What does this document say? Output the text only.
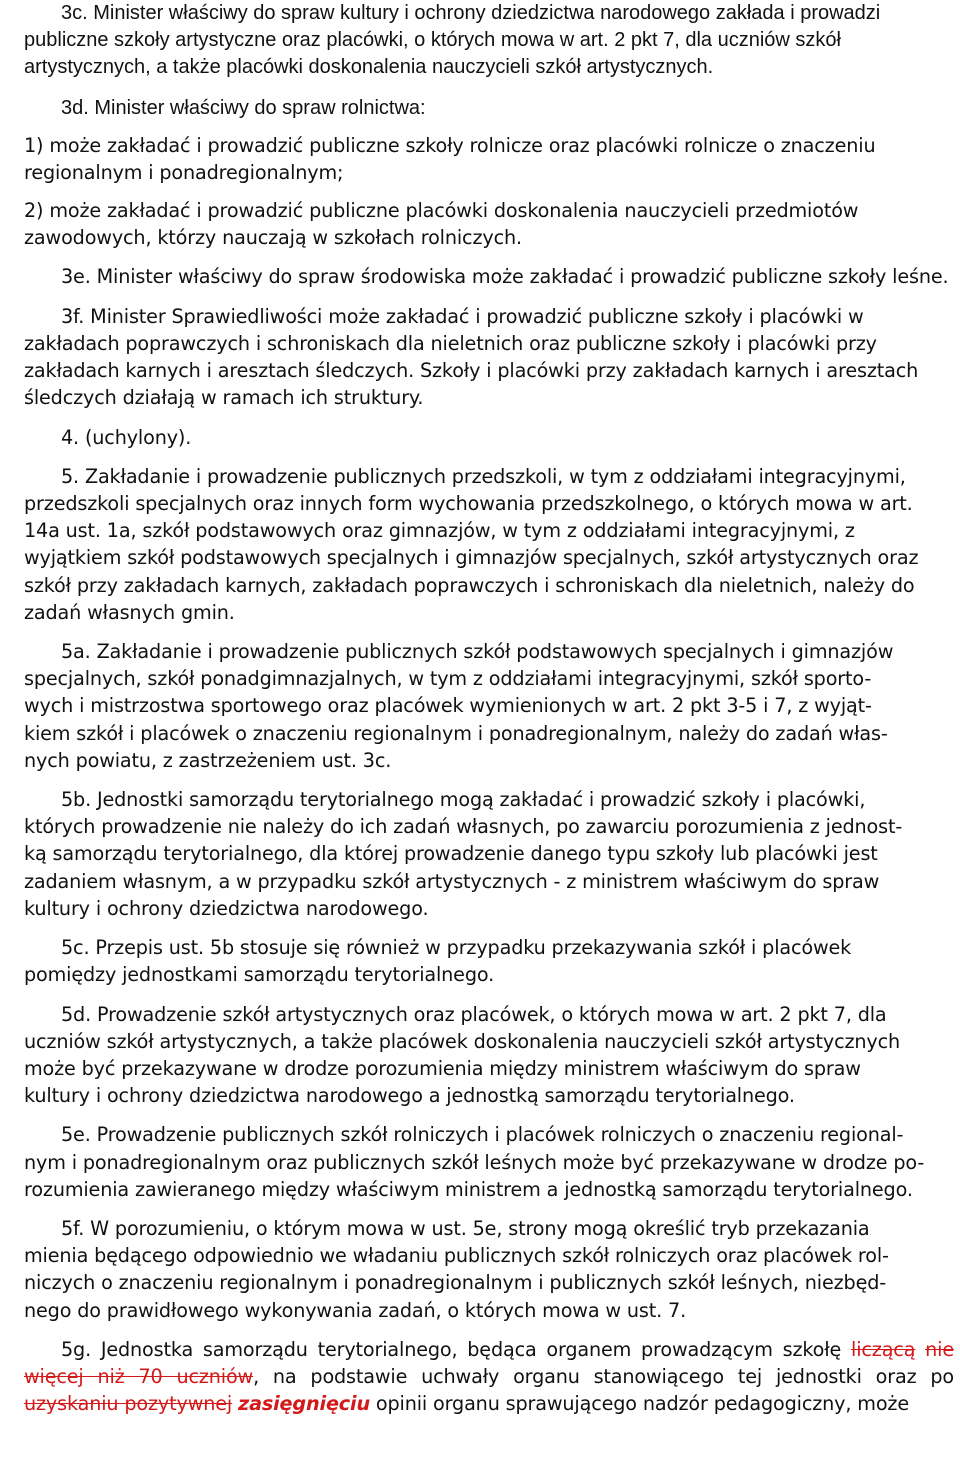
3c. Minister właściwy do spraw kultury i ochrony dziedzictwa narodowego zakłada i prowadzi publiczne szkoły artystyczne oraz placówki, o których mowa w art. 2 pkt 7, dla uczniów szkół artystycznych, a także placówki doskonalenia nauczycieli szkół artystycznych.

3d. Minister właściwy do spraw rolnictwa:

1) może zakładać i prowadzić publiczne szkoły rolnicze oraz placówki rolnicze o znaczeniu regionalnym i ponadregionalnym;

2) może zakładać i prowadzić publiczne placówki doskonalenia nauczycieli przedmiotów zawodowych, którzy nauczają w szkołach rolniczych.

3e. Minister właściwy do spraw środowiska może zakładać i prowadzić publiczne szkoły leśne.

3f. Minister Sprawiedliwości może zakładać i prowadzić publiczne szkoły i placówki w zakładach poprawczych i schroniskach dla nieletnich oraz publiczne szkoły i placówki przy zakładach karnych i aresztach śledczych. Szkoły i placówki przy zakładach karnych i aresztach śledczych działają w ramach ich struktury.

4. (uchylony).

5. Zakładanie i prowadzenie publicznych przedszkoli, w tym z oddziałami integracyjnymi, przedszkoli specjalnych oraz innych form wychowania przedszkolnego, o których mowa w art. 14a ust. 1a, szkół podstawowych oraz gimnazjów, w tym z oddziałami integracyjnymi, z wyjątkiem szkół podstawowych specjalnych i gimnazjów specjalnych, szkół artystycznych oraz szkół przy zakładach karnych, zakładach poprawczych i schroniskach dla nieletnich, należy do zadań własnych gmin.

5a. Zakładanie i prowadzenie publicznych szkół podstawowych specjalnych i gimnazjów
specjalnych, szkół ponadgimnazjalnych, w tym z oddziałami integracyjnymi, szkół sporto-
wych i mistrzostwa sportowego oraz placówek wymienionych w art. 2 pkt 3-5 i 7, z wyjąt-
kiem szkół i placówek o znaczeniu regionalnym i ponadregionalnym, należy do zadań włas-
nych powiatu, z zastrzeżeniem ust. 3c.

5b. Jednostki samorządu terytorialnego mogą zakładać i prowadzić szkoły i placówki,
których prowadzenie nie należy do ich zadań własnych, po zawarciu porozumienia z jednost-
ką samorządu terytorialnego, dla której prowadzenie danego typu szkoły lub placówki jest
zadaniem własnym, a w przypadku szkół artystycznych - z ministrem właściwym do spraw
kultury i ochrony dziedzictwa narodowego.

5c. Przepis ust. 5b stosuje się również w przypadku przekazywania szkół i placówek
pomiędzy jednostkami samorządu terytorialnego.

5d. Prowadzenie szkół artystycznych oraz placówek, o których mowa w art. 2 pkt 7, dla
uczniów szkół artystycznych, a także placówek doskonalenia nauczycieli szkół artystycznych
może być przekazywane w drodze porozumienia między ministrem właściwym do spraw
kultury i ochrony dziedzictwa narodowego a jednostką samorządu terytorialnego.

5e. Prowadzenie publicznych szkół rolniczych i placówek rolniczych o znaczeniu regional-
nym i ponadregionalnym oraz publicznych szkół leśnych może być przekazywane w drodze po-
rozumienia zawieranego między właściwym ministrem a jednostką samorządu terytorialnego.

5f. W porozumieniu, o którym mowa w ust. 5e, strony mogą określić tryb przekazania
mienia będącego odpowiednio we władaniu publicznych szkół rolniczych oraz placówek rol-
niczych o znaczeniu regionalnym i ponadregionalnym i publicznych szkół leśnych, niezbęd-
nego do prawidłowego wykonywania zadań, o których mowa w ust. 7.

5g. Jednostka samorządu terytorialnego, będąca organem prowadzącym szkołę liczącą nie więcej niż 70 uczniów, na podstawie uchwały organu stanowiącego tej jednostki oraz po uzyskaniu pozytywnej zasięgnięciu opinii organu sprawującego nadzór pedagogiczny, może
